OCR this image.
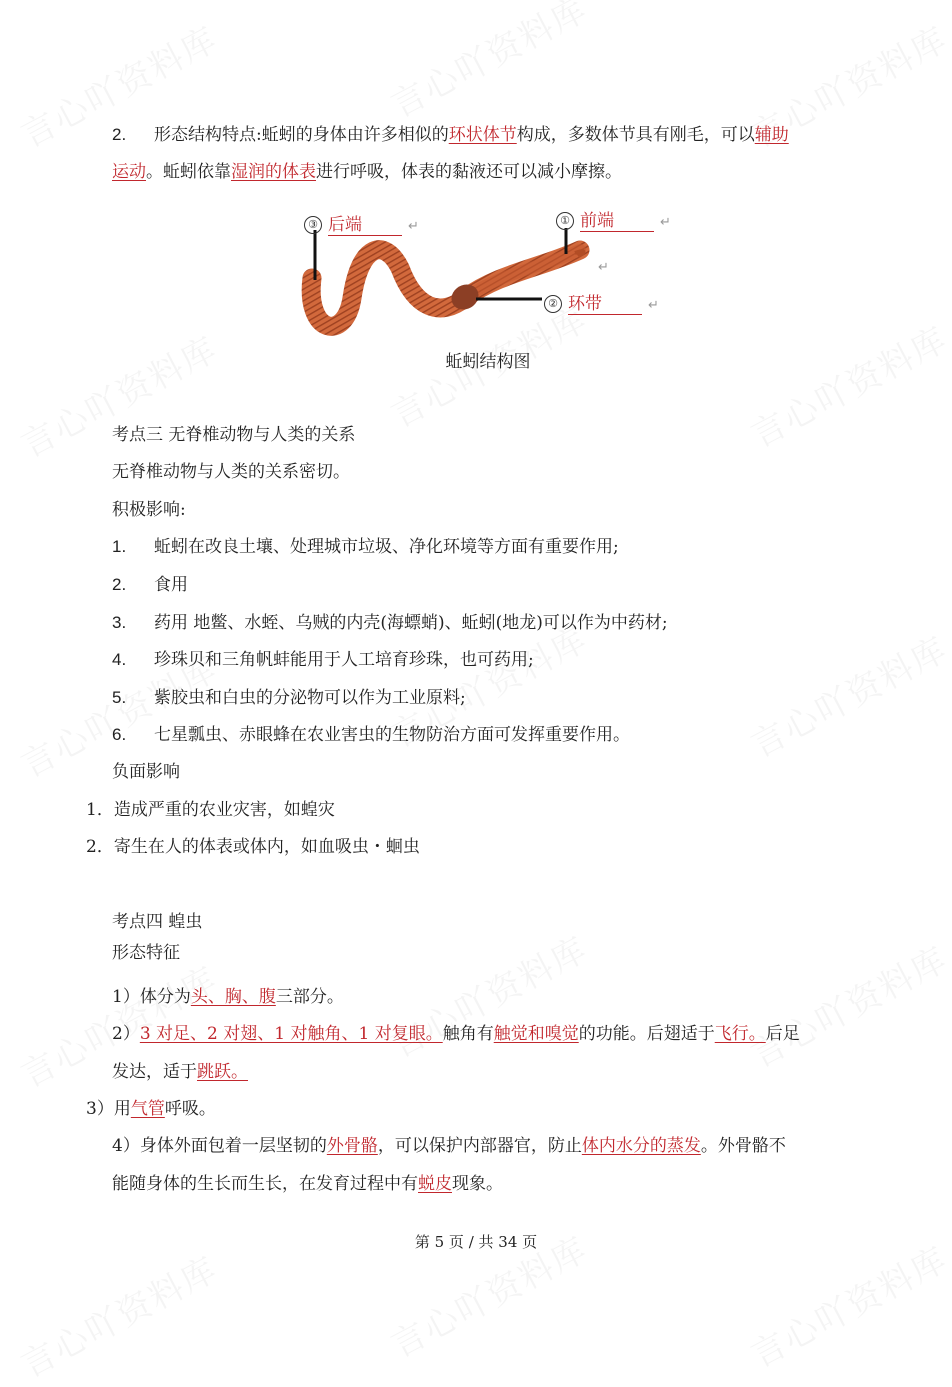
2. 形态结构特点:蚯蚓的身体由许多相似的环状体节构成，多数体节具有刚毛，可以辅助
运动。蚯蚓依靠湿润的体表进行呼吸，体表的黏液还可以减小摩擦。
③ 后端	↵	① 前端	↵
↵
② 环带	↵
蚯蚓结构图
考点三 无脊椎动物与人类的关系
无脊椎动物与人类的关系密切。
积极影响:
1. 蚯蚓在改良土壤、处理城市垃圾、净化环境等方面有重要作用;
2. 食用
3. 药用 地鳖、水蛭、乌贼的内壳(海螵蛸)、蚯蚓(地龙)可以作为中药材;
4. 珍珠贝和三角帆蚌能用于人工培育珍珠，也可药用;
5. 紫胶虫和白虫的分泌物可以作为工业原料;
6. 七星瓢虫、赤眼蜂在农业害虫的生物防治方面可发挥重要作用。
负面影响
1．造成严重的农业灾害，如蝗灾
2．寄生在人的体表或体内，如血吸虫・蛔虫
考点四 蝗虫
形态特征
1）体分为头、胸、腹三部分。
2）3 对足、2 对翅、1 对触角、1 对复眼。触角有触觉和嗅觉的功能。后翅适于飞行。后足
发达，适于跳跃。
3）用气管呼吸。
4）身体外面包着一层坚韧的外骨骼，可以保护内部器官，防止体内水分的蒸发。外骨骼不
能随身体的生长而生长，在发育过程中有蜕皮现象。
第 5 页 / 共 34 页
